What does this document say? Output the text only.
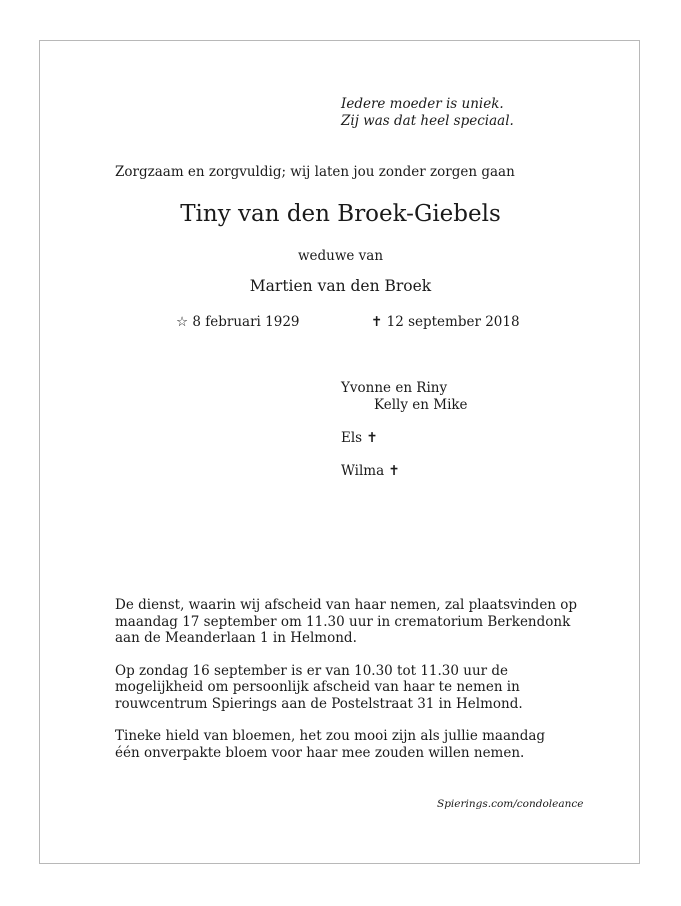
Iedere moeder is uniek.
Zij was dat heel speciaal.
Zorgzaam en zorgvuldig; wij laten jou zonder zorgen gaan
Tiny van den Broek-Giebels
weduwe van
Martien van den Broek
☆ 8 februari 1929	✝ 12 september 2018
Yvonne en Riny
Kelly en Mike
Els ✝
Wilma ✝

De dienst, waarin wij afscheid van haar nemen, zal plaatsvinden op
maandag 17 september om 11.30 uur in crematorium Berkendonk
aan de Meanderlaan 1 in Helmond.

Op zondag 16 september is er van 10.30 tot 11.30 uur de
mogelijkheid om persoonlijk afscheid van haar te nemen in
rouwcentrum Spierings aan de Postelstraat 31 in Helmond.

Tineke hield van bloemen, het zou mooi zijn als jullie maandag
één onverpakte bloem voor haar mee zouden willen nemen.

Spierings.com/condoleance
